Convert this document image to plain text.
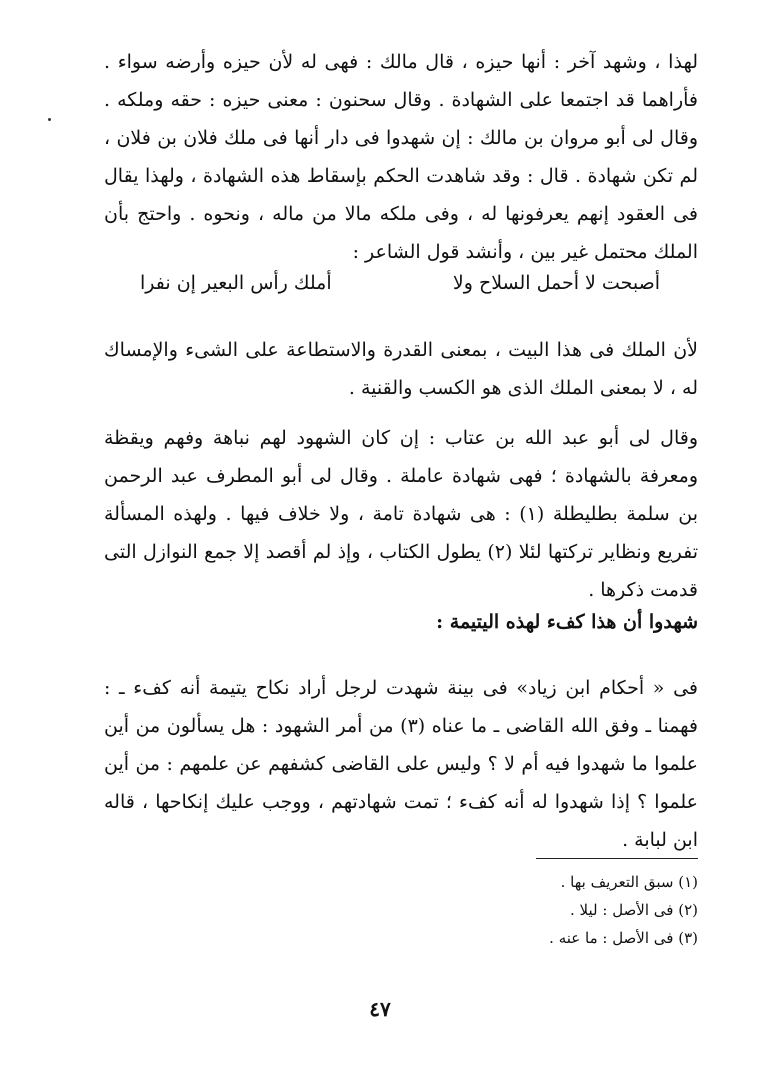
لهذا ، وشهد آخر : أنها حيزه ، قال مالك : فهى له لأن حيزه وأرضه سواء . فأراهما قد اجتمعا على الشهادة . وقال سحنون : معنى حيزه : حقه وملكه . وقال لى أبو مروان بن مالك : إن شهدوا فى دار أنها فى ملك فلان بن فلان ، لم تكن شهادة . قال : وقد شاهدت الحكم بإسقاط هذه الشهادة ، ولهذا يقال فى العقود إنهم يعرفونها له ، وفى ملكه مالا من ماله ، ونحوه . واحتج بأن الملك محتمل غير بين ، وأنشد قول الشاعر :

أصبحت لا أحمل السلاح ولا
أملك رأس البعير إن نفرا

لأن الملك فى هذا البيت ، بمعنى القدرة والاستطاعة على الشىء والإمساك له ، لا بمعنى الملك الذى هو الكسب والقنية .

وقال لى أبو عبد الله بن عتاب : إن كان الشهود لهم نباهة وفهم ويقظة ومعرفة بالشهادة ؛ فهى شهادة عاملة . وقال لى أبو المطرف عبد الرحمن بن سلمة بطليطلة (١) : هى شهادة تامة ، ولا خلاف فيها . ولهذه المسألة تفريع ونظاير تركتها لئلا (٢) يطول الكتاب ، وإذ لم أقصد إلا جمع النوازل التى قدمت ذكرها .

شهدوا أن هذا كفء لهذه اليتيمة :

فى « أحكام ابن زياد» فى بينة شهدت لرجل أراد نكاح يتيمة أنه كفء ـ : فهمنا ـ وفق الله القاضى ـ ما عناه (٣) من أمر الشهود : هل يسألون من أين علموا ما شهدوا فيه أم لا ؟ وليس على القاضى كشفهم عن علمهم : من أين علموا ؟ إذا شهدوا له أنه كفء ؛ تمت شهادتهم ، ووجب عليك إنكاحها ، قاله ابن لبابة .

(١) سبق التعريف بها .
(٢) فى الأصل : ليلا .
(٣) فى الأصل : ما عنه .
٤٧
